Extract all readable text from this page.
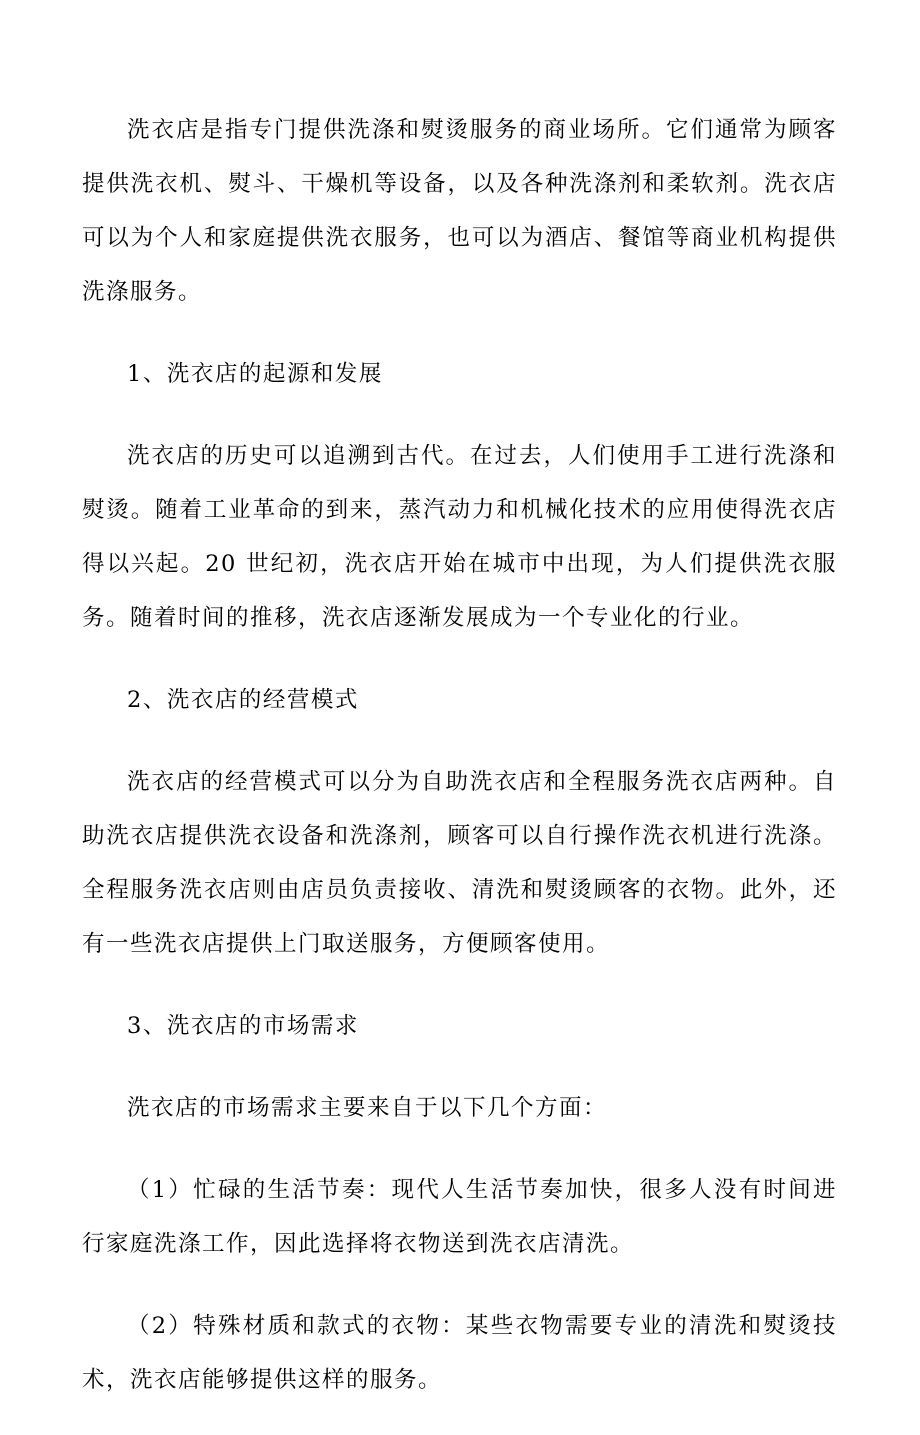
洗衣店是指专门提供洗涤和熨烫服务的商业场所。它们通常为顾客提供洗衣机、熨斗、干燥机等设备，以及各种洗涤剂和柔软剂。洗衣店可以为个人和家庭提供洗衣服务，也可以为酒店、餐馆等商业机构提供洗涤服务。

1、洗衣店的起源和发展

洗衣店的历史可以追溯到古代。在过去，人们使用手工进行洗涤和熨烫。随着工业革命的到来，蒸汽动力和机械化技术的应用使得洗衣店得以兴起。20 世纪初，洗衣店开始在城市中出现，为人们提供洗衣服务。随着时间的推移，洗衣店逐渐发展成为一个专业化的行业。

2、洗衣店的经营模式

洗衣店的经营模式可以分为自助洗衣店和全程服务洗衣店两种。自助洗衣店提供洗衣设备和洗涤剂，顾客可以自行操作洗衣机进行洗涤。全程服务洗衣店则由店员负责接收、清洗和熨烫顾客的衣物。此外，还有一些洗衣店提供上门取送服务，方便顾客使用。

3、洗衣店的市场需求

洗衣店的市场需求主要来自于以下几个方面：

（1）忙碌的生活节奏：现代人生活节奏加快，很多人没有时间进行家庭洗涤工作，因此选择将衣物送到洗衣店清洗。

（2）特殊材质和款式的衣物：某些衣物需要专业的清洗和熨烫技术，洗衣店能够提供这样的服务。
